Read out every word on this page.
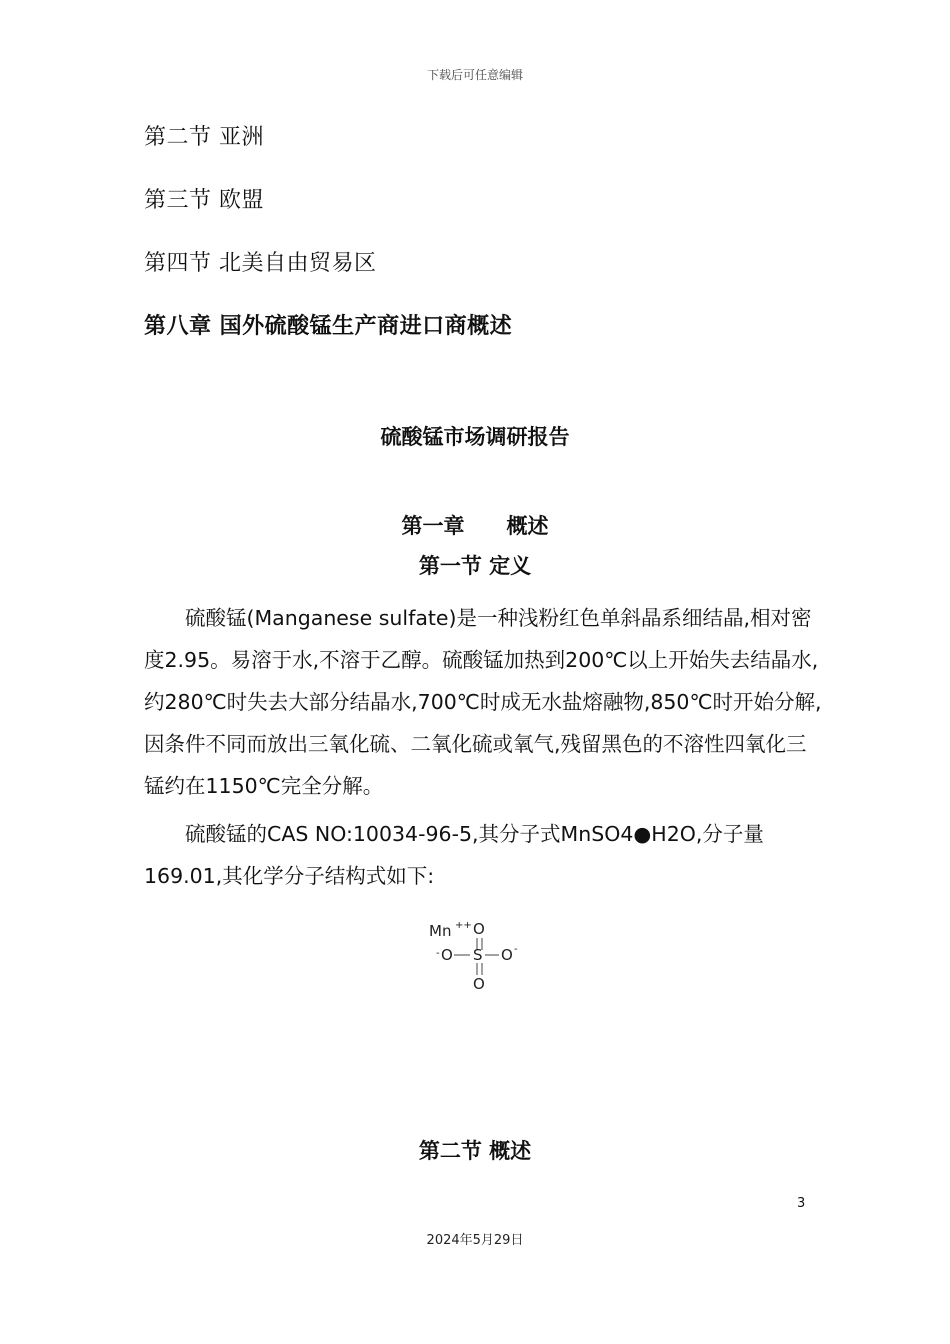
下载后可任意编辑
第二节 亚洲
第三节 欧盟
第四节 北美自由贸易区
第八章 国外硫酸锰生产商进口商概述
硫酸锰市场调研报告
第一章　　概述
第一节 定义
硫酸锰(Manganese sulfate)是一种浅粉红色单斜晶系细结晶,相对密度2.95。易溶于水,不溶于乙醇。硫酸锰加热到200℃以上开始失去结晶水,约280℃时失去大部分结晶水,700℃时成无水盐熔融物,850℃时开始分解,因条件不同而放出三氧化硫、二氧化硫或氧气,残留黑色的不溶性四氧化三锰约在1150℃完全分解。
硫酸锰的CAS NO:10034-96-5,其分子式MnSO4●H2O,分子量169.01,其化学分子结构式如下:
Mn ++ O
- O S O -
O
第二节 概述
3
2024年5月29日
